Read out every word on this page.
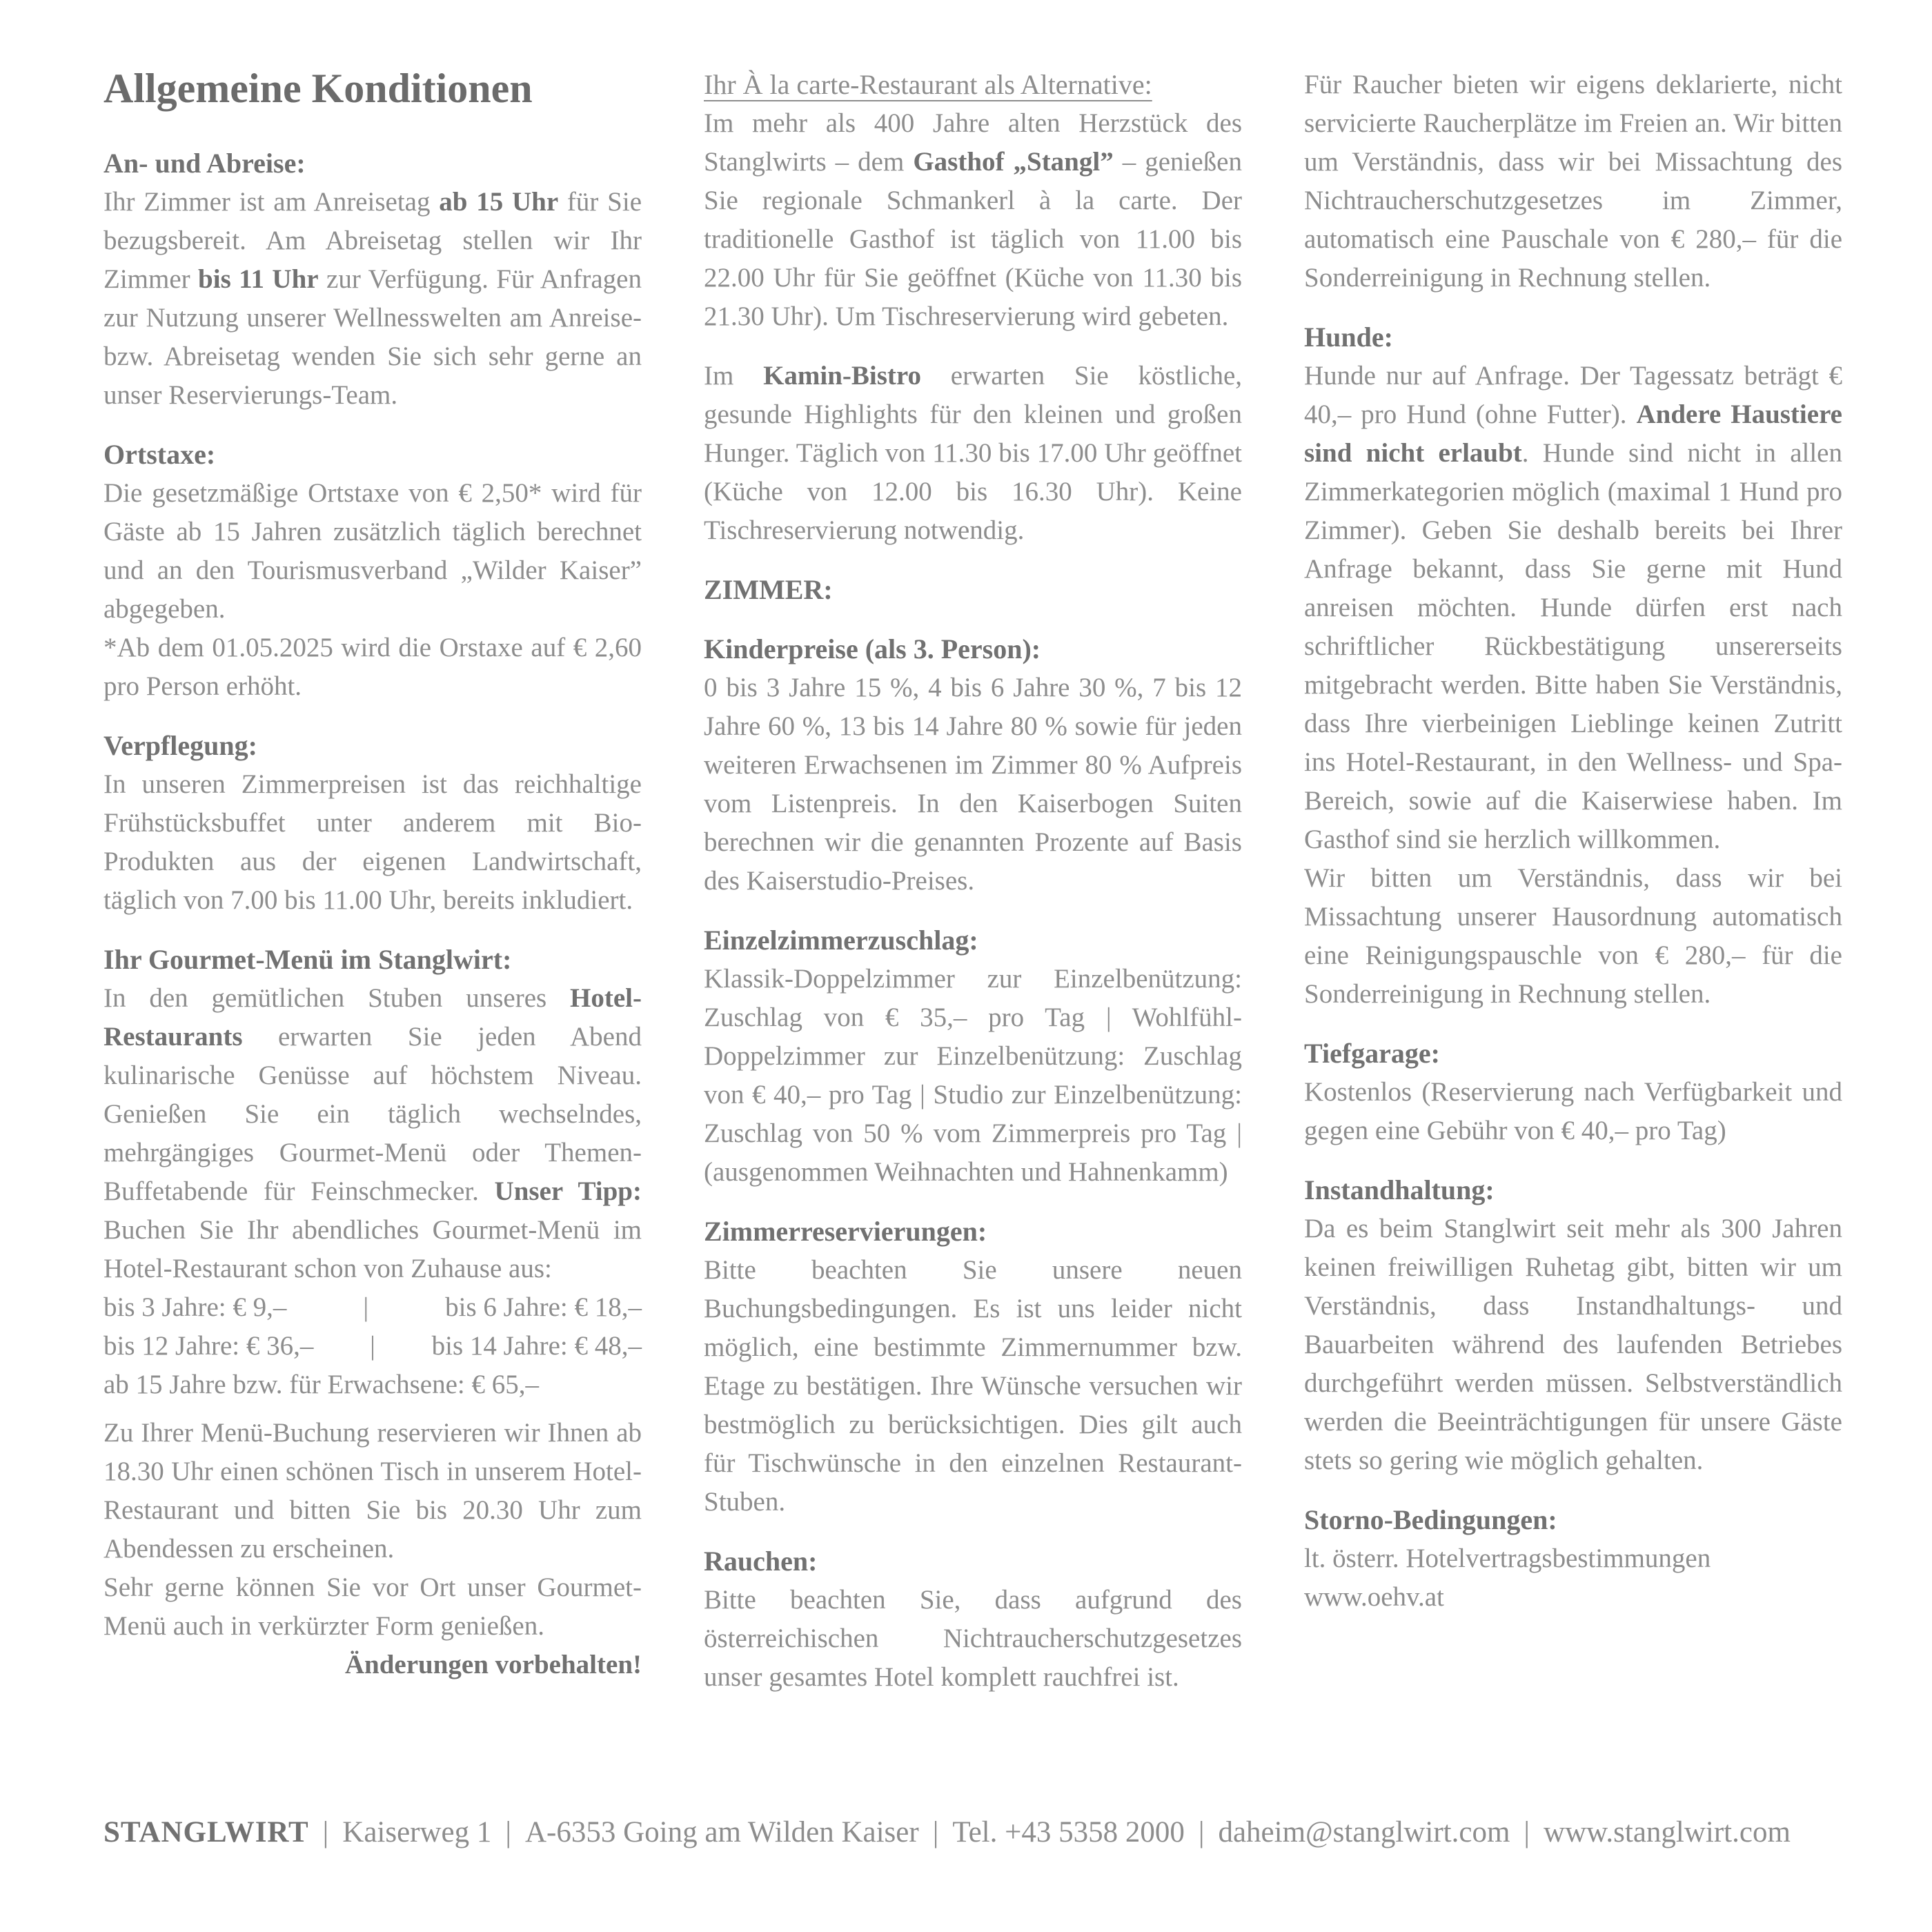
Allgemeine Konditionen
An- und Abreise:

Ihr Zimmer ist am Anreisetag ab 15 Uhr für Sie bezugsbereit. Am Abreisetag stellen wir Ihr Zimmer bis 11 Uhr zur Verfügung. Für Anfragen zur Nutzung unserer Wellnesswelten am Anreise- bzw. Abreisetag wenden Sie sich sehr gerne an unser Reservierungs-Team.

Ortstaxe:

Die gesetzmäßige Ortstaxe von € 2,50* wird für Gäste ab 15 Jahren zusätzlich täglich berechnet und an den Tourismusverband „Wilder Kaiser” abgegeben.

*Ab dem 01.05.2025 wird die Orstaxe auf € 2,60 pro Person erhöht.

Verpflegung:

In unseren Zimmerpreisen ist das reichhaltige Frühstücksbuffet unter anderem mit Bio-Produkten aus der eigenen Landwirtschaft, täglich von 7.00 bis 11.00 Uhr, bereits inkludiert.

Ihr Gourmet-Menü im Stanglwirt:

In den gemütlichen Stuben unseres Hotel-Restaurants erwarten Sie jeden Abend kulinarische Genüsse auf höchstem Niveau. Genießen Sie ein täglich wechselndes, mehrgängiges Gourmet-Menü oder Themen-Buffetabende für Feinschmecker. Unser Tipp: Buchen Sie Ihr abendliches Gourmet-Menü im Hotel-Restaurant schon von Zuhause aus:

bis 3 Jahre: € 9,–	|	bis 6 Jahre: € 18,–
bis 12 Jahre: € 36,– | bis 14 Jahre: € 48,–
ab 15 Jahre bzw. für Erwachsene: € 65,–

Zu Ihrer Menü-Buchung reservieren wir Ihnen ab 18.30 Uhr einen schönen Tisch in unserem Hotel-Restaurant und bitten Sie bis 20.30 Uhr zum Abendessen zu erscheinen.

Sehr gerne können Sie vor Ort unser Gourmet-Menü auch in verkürzter Form genießen.

Änderungen vorbehalten!
Ihr À la carte-Restaurant als Alternative:

Im mehr als 400 Jahre alten Herzstück des Stanglwirts – dem Gasthof „Stangl” – genießen Sie regionale Schmankerl à la carte. Der traditionelle Gasthof ist täglich von 11.00 bis 22.00 Uhr für Sie geöffnet (Küche von 11.30 bis 21.30 Uhr). Um Tischreservierung wird gebeten.

Im Kamin-Bistro erwarten Sie köstliche, gesunde Highlights für den kleinen und großen Hunger. Täglich von 11.30 bis 17.00 Uhr geöffnet (Küche von 12.00 bis 16.30 Uhr). Keine Tischreservierung notwendig.

ZIMMER:
Kinderpreise (als 3. Person):

0 bis 3 Jahre 15 %, 4 bis 6 Jahre 30 %, 7 bis 12 Jahre 60 %, 13 bis 14 Jahre 80 % sowie für jeden weiteren Erwachsenen im Zimmer 80 % Aufpreis vom Listenpreis. In den Kaiserbogen Suiten berechnen wir die genannten Prozente auf Basis des Kaiserstudio-Preises.

Einzelzimmerzuschlag:

Klassik-Doppelzimmer zur Einzelbenützung: Zuschlag von € 35,– pro Tag | Wohlfühl-Doppelzimmer zur Einzelbenützung: Zuschlag von € 40,– pro Tag | Studio zur Einzelbenützung: Zuschlag von 50 % vom Zimmerpreis pro Tag | (ausgenommen Weihnachten und Hahnenkamm)

Zimmerreservierungen:

Bitte beachten Sie unsere neuen Buchungsbedingungen. Es ist uns leider nicht möglich, eine bestimmte Zimmernummer bzw. Etage zu bestätigen. Ihre Wünsche versuchen wir bestmöglich zu berücksichtigen. Dies gilt auch für Tischwünsche in den einzelnen Restaurant-Stuben.

Rauchen:

Bitte beachten Sie, dass aufgrund des österreichischen Nichtraucherschutzgesetzes unser gesamtes Hotel komplett rauchfrei ist.

Für Raucher bieten wir eigens deklarierte, nicht servicierte Raucherplätze im Freien an. Wir bitten um Verständnis, dass wir bei Missachtung des Nichtraucherschutzgesetzes im Zimmer, automatisch eine Pauschale von € 280,– für die Sonderreinigung in Rechnung stellen.

Hunde:

Hunde nur auf Anfrage. Der Tagessatz beträgt € 40,– pro Hund (ohne Futter). Andere Haustiere sind nicht erlaubt. Hunde sind nicht in allen Zimmerkategorien möglich (maximal 1 Hund pro Zimmer). Geben Sie deshalb bereits bei Ihrer Anfrage bekannt, dass Sie gerne mit Hund anreisen möchten. Hunde dürfen erst nach schriftlicher Rückbestätigung unsererseits mitgebracht werden. Bitte haben Sie Verständnis, dass Ihre vierbeinigen Lieblinge keinen Zutritt ins Hotel-Restaurant, in den Wellness- und Spa-Bereich, sowie auf die Kaiserwiese haben. Im Gasthof sind sie herzlich willkommen.

Wir bitten um Verständnis, dass wir bei Missachtung unserer Hausordnung automatisch eine Reinigungspauschle von € 280,– für die Sonderreinigung in Rechnung stellen.

Tiefgarage:

Kostenlos (Reservierung nach Verfügbarkeit und gegen eine Gebühr von € 40,– pro Tag)

Instandhaltung:

Da es beim Stanglwirt seit mehr als 300 Jahren keinen freiwilligen Ruhetag gibt, bitten wir um Verständnis, dass Instandhaltungs- und Bauarbeiten während des laufenden Betriebes durchgeführt werden müssen. Selbstverständlich werden die Beeinträchtigungen für unsere Gäste stets so gering wie möglich gehalten.

Storno-Bedingungen:
lt. österr. Hotelvertragsbestimmungen
www.oehv.at
STANGLWIRT | Kaiserweg 1 | A-6353 Going am Wilden Kaiser | Tel. +43 5358 2000 | daheim@stanglwirt.com | www.stanglwirt.com
